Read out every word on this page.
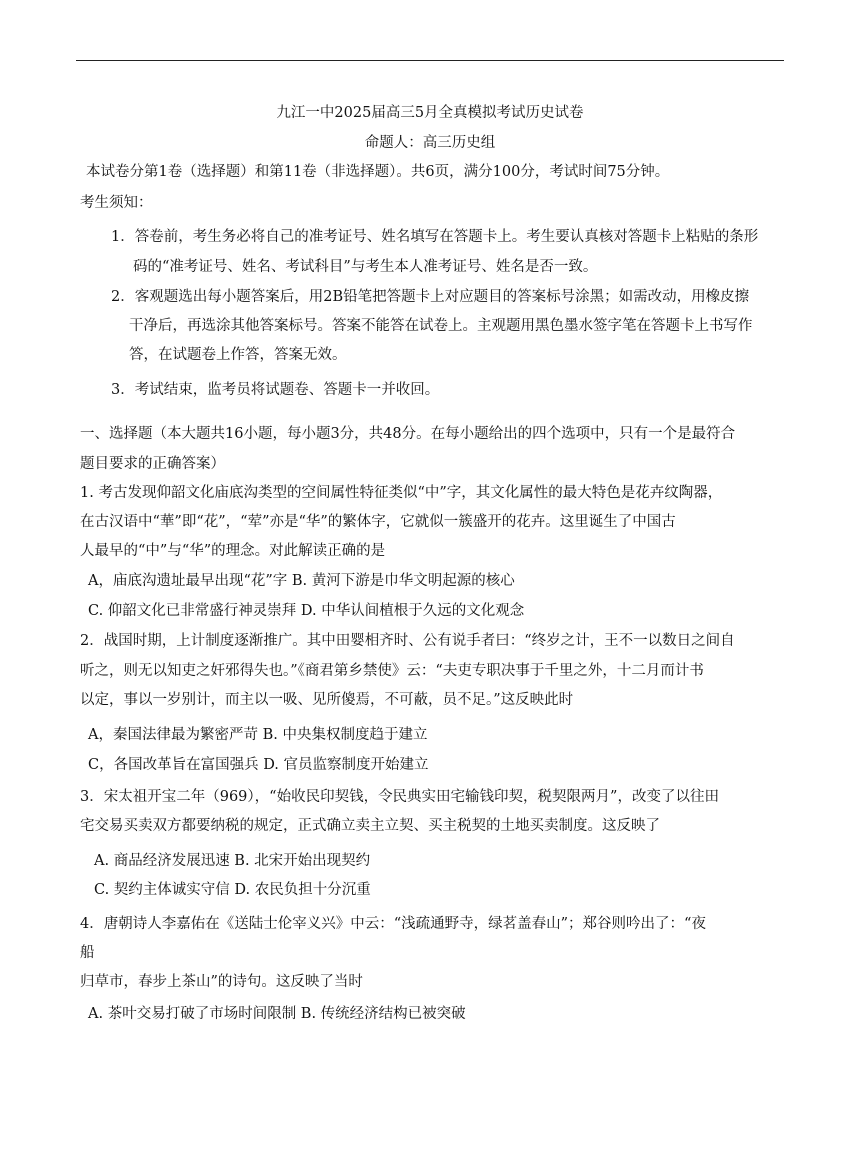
九江一中2025届高三5月全真模拟考试历史试卷
命题人：高三历史组
本试卷分第1卷（选择题）和第11卷（非选择题）。共6页，满分100分，考试时间75分钟。
考生须知：
1．答卷前，考生务必将自己的准考证号、姓名填写在答题卡上。考生要认真核对答题卡上粘贴的条形
码的“准考证号、姓名、考试科目”与考生本人准考证号、姓名是否一致。
2．客观题选出每小题答案后，用2B铅笔把答题卡上对应题目的答案标号涂黑；如需改动，用橡皮擦
干净后，再选涂其他答案标号。答案不能答在试卷上。主观题用黑色墨水签字笔在答题卡上书写作
答，在试题卷上作答，答案无效。
3．考试结束，监考员将试题卷、答题卡一并收回。
一、选择题（本大题共16小题，每小题3分，共48分。在每小题给出的四个选项中，只有一个是最符合
题目要求的正确答案）
1. 考古发现仰韶文化庙底沟类型的空间属性特征类似“中”字，其文化属性的最大特色是花卉纹陶器，
在古汉语中“華”即“花”，“荤”亦是“华”的繁体字，它就似一簇盛开的花卉。这里诞生了中国古
人最早的“中”与“华”的理念。对此解读正确的是
A，庙底沟遗址最早出现“花”字 B. 黄河下游是巾华文明起源的核心
C. 仰韶文化已非常盛行神灵崇拜 D. 中华认间植根于久远的文化观念
2．战国时期，上计制度逐渐推广。其中田婴相齐时、公有说手者曰：“终岁之计，王不一以数日之间自
听之，则无以知吏之奸邪得失也。”《商君第乡禁使》云：“夫吏专职决事于千里之外，十二月而计书
以定，事以一岁别计，而主以一吸、见所傻焉，不可蔽，员不足。”这反映此时
A，秦国法律最为繁密严苛 B. 中央集权制度趋于建立
C，各国改革旨在富国强兵 D. 官员监察制度开始建立
3．宋太祖开宝二年（969），“始收民印契钱，令民典实田宅输钱印契，税契限两月”，改变了以往田
宅交易买卖双方都要纳税的规定，正式确立卖主立契、买主税契的土地买卖制度。这反映了
A. 商品经济发展迅速 B. 北宋开始出现契约
C. 契约主体诚实守信 D. 农民负担十分沉重
4．唐朝诗人李嘉佑在《送陆士伦宰义兴》中云：“浅疏通野寺，绿茗盖春山”；郑谷则吟出了：“夜
船
归草市，春步上茶山”的诗句。这反映了当时
A. 茶叶交易打破了市场时间限制 B. 传统经济结构已被突破
